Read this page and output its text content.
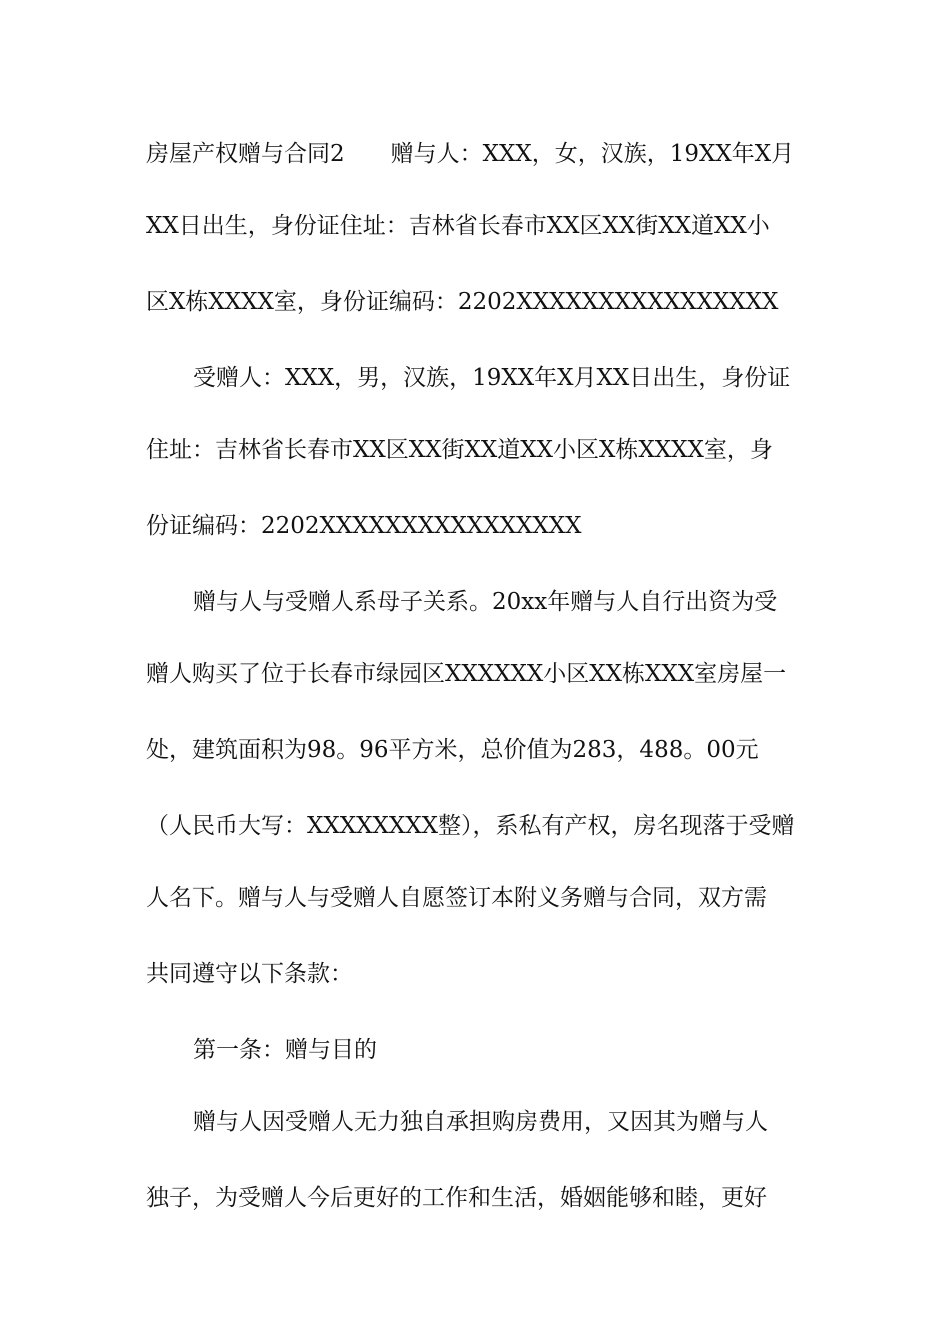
房屋产权赠与合同2　　赠与人：XXX，女，汉族，19XX年X月
XX日出生，身份证住址：吉林省长春市XX区XX街XX道XX小
区X栋XXXX室，身份证编码：2202XXXXXXXXXXXXXXXX
受赠人：XXX，男，汉族，19XX年X月XX日出生，身份证
住址：吉林省长春市XX区XX街XX道XX小区X栋XXXX室，身
份证编码：2202XXXXXXXXXXXXXXXX
赠与人与受赠人系母子关系。20xx年赠与人自行出资为受
赠人购买了位于长春市绿园区XXXXXX小区XX栋XXX室房屋一
处，建筑面积为98。96平方米，总价值为283，488。00元
（人民币大写：XXXXXXXX整），系私有产权，房名现落于受赠
人名下。赠与人与受赠人自愿签订本附义务赠与合同，双方需
共同遵守以下条款：
第一条：赠与目的
赠与人因受赠人无力独自承担购房费用，又因其为赠与人
独子，为受赠人今后更好的工作和生活，婚姻能够和睦，更好
